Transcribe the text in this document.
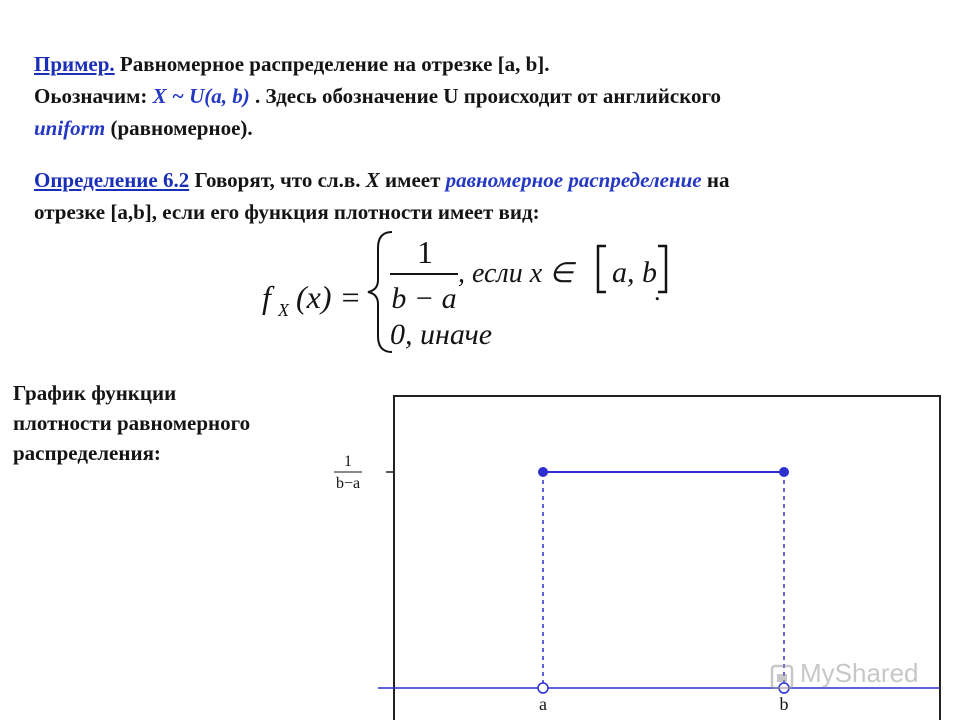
Пример. Равномерное распределение на отрезке [a, b].
Оьозначим: X ~ U(a, b) . Здесь обозначение U происходит от английского
uniform (равномерное).
Определение 6.2 Говорят, что сл.в. X имеет равномерное распределение на
отрезке [a,b], если его функция плотности имеет вид:
f X (x) =
1
b − a
, если x ∈ a, b
.
0, иначе
График функции
плотности равномерного
распределения:	1
b−a
a	b
MyShared
